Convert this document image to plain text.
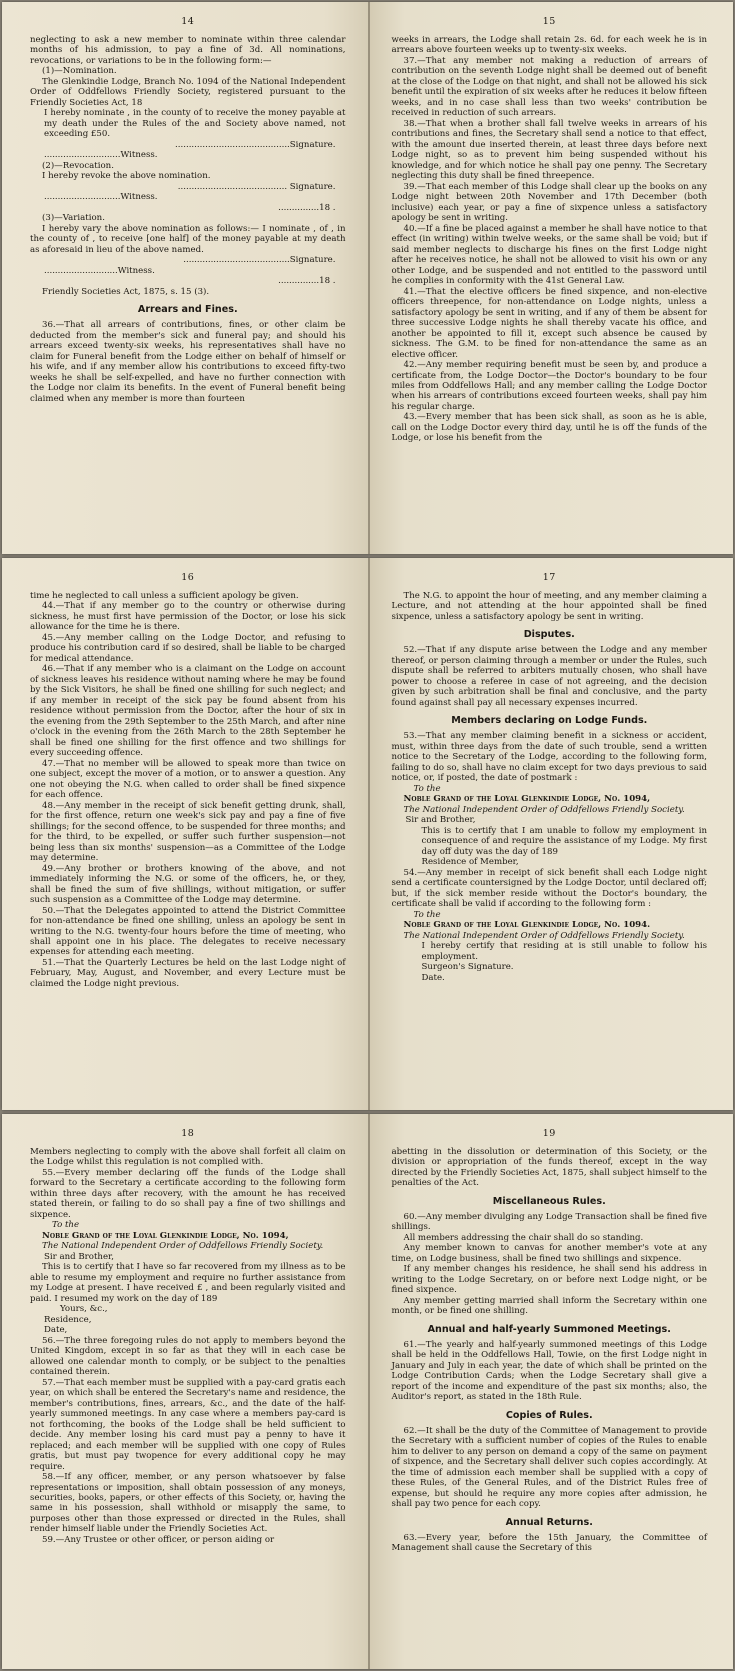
14

neglecting to ask a new member to nominate within three calendar months of his admission, to pay a fine of 3d. All nominations, revocations, or variations to be in the following form:—

(1)—Nomination.

The Glenkindie Lodge, Branch No. 1094 of the National Independent Order of Oddfellows Friendly Society, registered pursuant to the Friendly Societies Act, 18

I hereby nominate , in the county of to receive the money payable at my death under the Rules of the and Society above named, not exceeding £50.

..........................................Signature.

............................Witness.

(2)—Revocation.

I hereby revoke the above nomination.

........................................ Signature.

............................Witness.

...............18 .

(3)—Variation.

I hereby vary the above nomination as follows:— I nominate , of , in the county of , to receive [one half] of the money payable at my death as aforesaid in lieu of the above named.

.......................................Signature.

...........................Witness.

...............18 .

Friendly Societies Act, 1875, s. 15 (3).

Arrears and Fines.

36.—That all arrears of contributions, fines, or other claim be deducted from the member's sick and funeral pay; and should his arrears exceed twenty-six weeks, his representatives shall have no claim for Funeral benefit from the Lodge either on behalf of himself or his wife, and if any member allow his contributions to exceed fifty-two weeks he shall be self-expelled, and have no further connection with the Lodge nor claim its benefits. In the event of Funeral benefit being claimed when any member is more than fourteen

15

weeks in arrears, the Lodge shall retain 2s. 6d. for each week he is in arrears above fourteen weeks up to twenty-six weeks.

37.—That any member not making a reduction of arrears of contribution on the seventh Lodge night shall be deemed out of benefit at the close of the Lodge on that night, and shall not be allowed his sick benefit until the expiration of six weeks after he reduces it below fifteen weeks, and in no case shall less than two weeks' contribution be received in reduction of such arrears.

38.—That when a brother shall fall twelve weeks in arrears of his contributions and fines, the Secretary shall send a notice to that effect, with the amount due inserted therein, at least three days before next Lodge night, so as to prevent him being suspended without his knowledge, and for which notice he shall pay one penny. The Secretary neglecting this duty shall be fined threepence.

39.—That each member of this Lodge shall clear up the books on any Lodge night between 20th November and 17th December (both inclusive) each year, or pay a fine of sixpence unless a satisfactory apology be sent in writing.

40.—If a fine be placed against a member he shall have notice to that effect (in writing) within twelve weeks, or the same shall be void; but if said member neglects to discharge his fines on the first Lodge night after he receives notice, he shall not be allowed to visit his own or any other Lodge, and be suspended and not entitled to the password until he complies in conformity with the 41st General Law.

41.—That the elective officers be fined sixpence, and non-elective officers threepence, for non-attendance on Lodge nights, unless a satisfactory apology be sent in writing, and if any of them be absent for three successive Lodge nights he shall thereby vacate his office, and another be appointed to fill it, except such absence be caused by sickness. The G.M. to be fined for non-attendance the same as an elective officer.

42.—Any member requiring benefit must be seen by, and produce a certificate from, the Lodge Doctor—the Doctor's boundary to be four miles from Oddfellows Hall; and any member calling the Lodge Doctor when his arrears of contributions exceed fourteen weeks, shall pay him his regular charge.

43.—Every member that has been sick shall, as soon as he is able, call on the Lodge Doctor every third day, until he is off the funds of the Lodge, or lose his benefit from the

16

time he neglected to call unless a sufficient apology be given.

44.—That if any member go to the country or otherwise during sickness, he must first have permission of the Doctor, or lose his sick allowance for the time he is there.

45.—Any member calling on the Lodge Doctor, and refusing to produce his contribution card if so desired, shall be liable to be charged for medical attendance.

46.—That if any member who is a claimant on the Lodge on account of sickness leaves his residence without naming where he may be found by the Sick Visitors, he shall be fined one shilling for such neglect; and if any member in receipt of the sick pay be found absent from his residence without permission from the Doctor, after the hour of six in the evening from the 29th September to the 25th March, and after nine o'clock in the evening from the 26th March to the 28th September he shall be fined one shilling for the first offence and two shillings for every succeeding offence.

47.—That no member will be allowed to speak more than twice on one subject, except the mover of a motion, or to answer a question. Any one not obeying the N.G. when called to order shall be fined sixpence for each offence.

48.—Any member in the receipt of sick benefit getting drunk, shall, for the first offence, return one week's sick pay and pay a fine of five shillings; for the second offence, to be suspended for three months; and for the third, to be expelled, or suffer such further suspension—not being less than six months' suspension—as a Committee of the Lodge may determine.

49.—Any brother or brothers knowing of the above, and not immediately informing the N.G. or some of the officers, he, or they, shall be fined the sum of five shillings, without mitigation, or suffer such suspension as a Committee of the Lodge may determine.

50.—That the Delegates appointed to attend the District Committee for non-attendance be fined one shilling, unless an apology be sent in writing to the N.G. twenty-four hours before the time of meeting, who shall appoint one in his place. The delegates to receive necessary expenses for attending each meeting.

51.—That the Quarterly Lectures be held on the last Lodge night of February, May, August, and November, and every Lecture must be claimed the Lodge night previous.

17

The N.G. to appoint the hour of meeting, and any member claiming a Lecture, and not attending at the hour appointed shall be fined sixpence, unless a satisfactory apology be sent in writing.

Disputes.

52.—That if any dispute arise between the Lodge and any member thereof, or person claiming through a member or under the Rules, such dispute shall be referred to arbiters mutually chosen, who shall have power to choose a referee in case of not agreeing, and the decision given by such arbitration shall be final and conclusive, and the party found against shall pay all necessary expenses incurred.

Members declaring on Lodge Funds.

53.—That any member claiming benefit in a sickness or accident, must, within three days from the date of such trouble, send a written notice to the Secretary of the Lodge, according to the following form, failing to do so, shall have no claim except for two days previous to said notice, or, if posted, the date of postmark :

To the

Noble Grand of the Loyal Glenkindie Lodge, No. 1094,

The National Independent Order of Oddfellows Friendly Society.

Sir and Brother,

This is to certify that I am unable to follow my employment in consequence of and require the assistance of my Lodge. My first day off duty was the day of 189

Residence of Member,

54.—Any member in receipt of sick benefit shall each Lodge night send a certificate countersigned by the Lodge Doctor, until declared off; but, if the sick member reside without the Doctor's boundary, the certificate shall be valid if according to the following form :

To the

Noble Grand of the Loyal Glenkindie Lodge, No. 1094.

The National Independent Order of Oddfellows Friendly Society.

I hereby certify that residing at is still unable to follow his employment.

Surgeon's Signature.

Date.

18

Members neglecting to comply with the above shall forfeit all claim on the Lodge whilst this regulation is not complied with.

55.—Every member declaring off the funds of the Lodge shall forward to the Secretary a certificate according to the following form within three days after recovery, with the amount he has received stated therein, or failing to do so shall pay a fine of two shillings and sixpence.

To the

Noble Grand of the Loyal Glenkindie Lodge, No. 1094,

The National Independent Order of Oddfellows Friendly Society.

Sir and Brother,

This is to certify that I have so far recovered from my illness as to be able to resume my employment and require no further assistance from my Lodge at present. I have received £ , and been regularly visited and paid. I resumed my work on the day of 189

Yours, &c.,

Residence,

Date,

56.—The three foregoing rules do not apply to members beyond the United Kingdom, except in so far as that they will in each case be allowed one calendar month to comply, or be subject to the penalties contained therein.

57.—That each member must be supplied with a pay-card gratis each year, on which shall be entered the Secretary's name and residence, the member's contributions, fines, arrears, &c., and the date of the half-yearly summoned meetings. In any case where a members pay-card is not forthcoming, the books of the Lodge shall be held sufficient to decide. Any member losing his card must pay a penny to have it replaced; and each member will be supplied with one copy of Rules gratis, but must pay twopence for every additional copy he may require.

58.—If any officer, member, or any person whatsoever by false representations or imposition, shall obtain possession of any moneys, securities, books, papers, or other effects of this Society, or, having the same in his possession, shall withhold or misapply the same, to purposes other than those expressed or directed in the Rules, shall render himself liable under the Friendly Societies Act.

59.—Any Trustee or other officer, or person aiding or

19

abetting in the dissolution or determination of this Society, or the division or appropriation of the funds thereof, except in the way directed by the Friendly Societies Act, 1875, shall subject himself to the penalties of the Act.

Miscellaneous Rules.

60.—Any member divulging any Lodge Transaction shall be fined five shillings.

All members addressing the chair shall do so standing.

Any member known to canvas for another member's vote at any time, on Lodge business, shall be fined two shillings and sixpence.

If any member changes his residence, he shall send his address in writing to the Lodge Secretary, on or before next Lodge night, or be fined sixpence.

Any member getting married shall inform the Secretary within one month, or be fined one shilling.

Annual and half-yearly Summoned Meetings.

61.—The yearly and half-yearly summoned meetings of this Lodge shall be held in the Oddfellows Hall, Towie, on the first Lodge night in January and July in each year, the date of which shall be printed on the Lodge Contribution Cards; when the Lodge Secretary shall give a report of the income and expenditure of the past six months; also, the Auditor's report, as stated in the 18th Rule.

Copies of Rules.

62.—It shall be the duty of the Committee of Management to provide the Secretary with a sufficient number of copies of the Rules to enable him to deliver to any person on demand a copy of the same on payment of sixpence, and the Secretary shall deliver such copies accordingly. At the time of admission each member shall be supplied with a copy of these Rules, of the General Rules, and of the District Rules free of expense, but should he require any more copies after admission, he shall pay two pence for each copy.

Annual Returns.

63.—Every year, before the 15th January, the Committee of Management shall cause the Secretary of this
